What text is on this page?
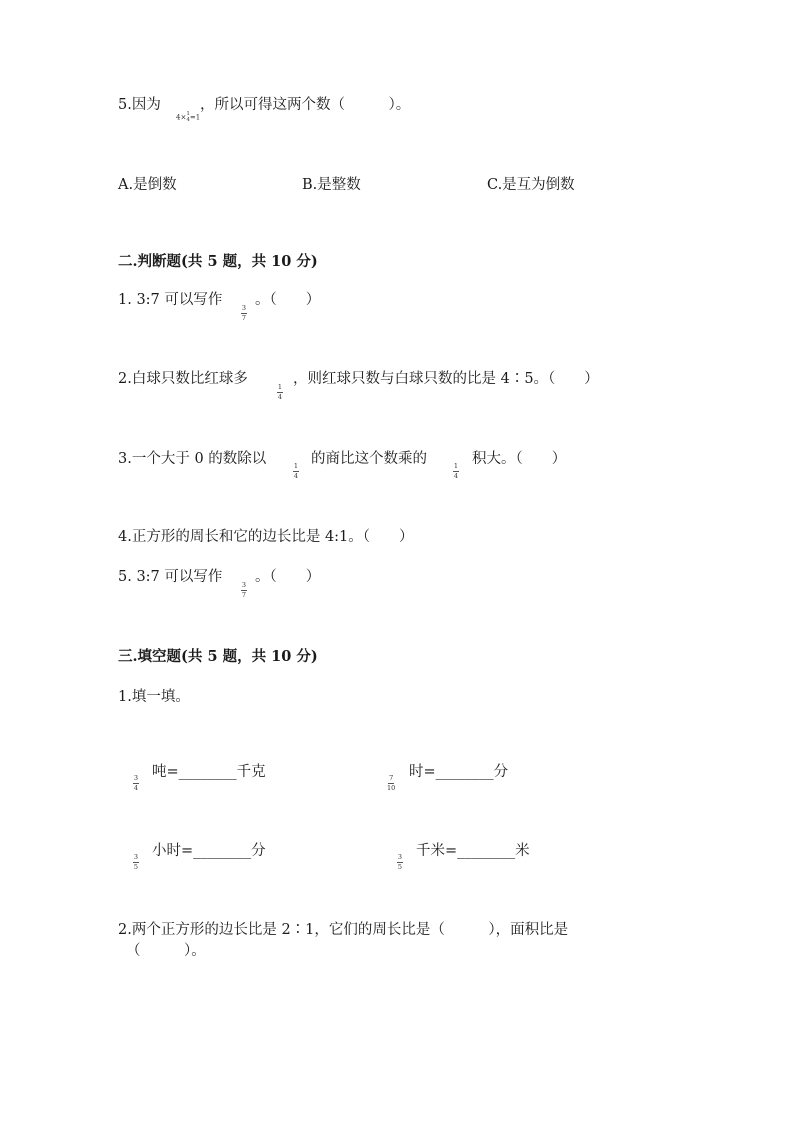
5.因为
4× 1
4 =1
，所以可得这两个数（　　　）。
A.是倒数	B.是整数	C.是互为倒数
二.判断题(共 5 题，共 10 分)
1. 3:7 可以写作	3
7
。（　　）
2.白球只数比红球多	1
4
，则红球只数与白球只数的比是 4∶5。（　　）
3.一个大于 0 的数除以	1
4
的商比这个数乘的	1
4
积大。（　　）
4.正方形的周长和它的边长比是 4:1。（　　）
5. 3:7 可以写作	3
7
。（　　）
三.填空题(共 5 题，共 10 分)
1.填一填。
3
4
吨=________千克	7
10
时=________分
3
5
小时=________分	3
5
千米=________米
2.两个正方形的边长比是 2∶1，它们的周长比是（　　　），面积比是
（　　　）。
